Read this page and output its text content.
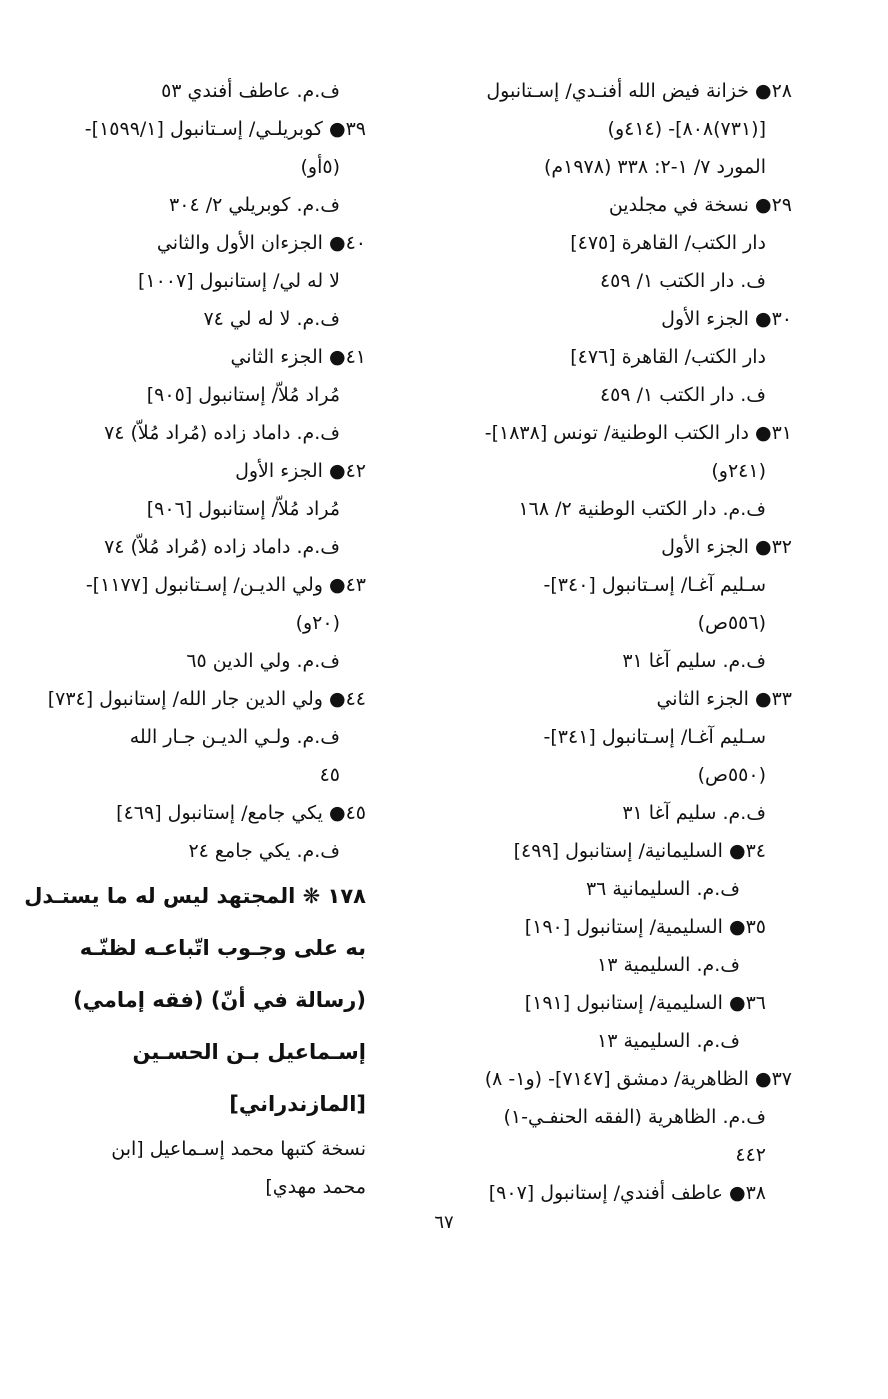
٢٨● خزانة فيض الله أفنـدي/ إسـتانبول
[(٧٣١)٨٠٨]- (٤١٤و)
المورد ٧/ ١-٢: ٣٣٨ (١٩٧٨م)
٢٩● نسخة في مجلدين
دار الكتب/ القاهرة [٤٧٥]
ف. دار الكتب ١/ ٤٥٩
٣٠● الجزء الأول
دار الكتب/ القاهرة [٤٧٦]
ف. دار الكتب ١/ ٤٥٩
٣١● دار الكتب الوطنية/ تونس [١٨٣٨]-
(٢٤١و)
ف.م. دار الكتب الوطنية ٢/ ١٦٨
٣٢● الجزء الأول
سـليم آغـا/ إسـتانبول [٣٤٠]-
(٥٥٦ص)
ف.م. سليم آغا ٣١
٣٣● الجزء الثاني
سـليم آغـا/ إسـتانبول [٣٤١]-
(٥٥٠ص)
ف.م. سليم آغا ٣١
٣٤● السليمانية/ إستانبول [٤٩٩]
ف.م. السليمانية ٣٦
٣٥● السليمية/ إستانبول [١٩٠]
ف.م. السليمية ١٣
٣٦● السليمية/ إستانبول [١٩١]
ف.م. السليمية ١٣
٣٧● الظاهرية/ دمشق [٧١٤٧]- (و١- ٨)
ف.م. الظاهرية (الفقه الحنفـي-١)
٤٤٢
٣٨● عاطف أفندي/ إستانبول [٩٠٧]
ف.م. عاطف أفندي ٥٣
٣٩● كوبريلـي/ إسـتانبول [١٥٩٩/١]-
(٥أو)
ف.م. كوبريلي ٢/ ٣٠٤
٤٠● الجزءان الأول والثاني
لا له لي/ إستانبول [١٠٠٧]
ف.م. لا له لي ٧٤
٤١● الجزء الثاني
مُراد مُلاّ/ إستانبول [٩٠٥]
ف.م. داماد زاده (مُراد مُلاّ) ٧٤
٤٢● الجزء الأول
مُراد مُلاّ/ إستانبول [٩٠٦]
ف.م. داماد زاده (مُراد مُلاّ) ٧٤
٤٣● ولي الديـن/ إسـتانبول [١١٧٧]-
(٢٠و)
ف.م. ولي الدين ٦٥
٤٤● ولي الدين جار الله/ إستانبول [٧٣٤]
ف.م. ولـي الديـن جـار الله
٤٥
٤٥● يكي جامع/ إستانبول [٤٦٩]
ف.م. يكي جامع ٢٤
١٧٨ ❋ المجتهد ليس له ما يستـدل
به على وجـوب اتّباعـه لظنّـه
(رسالة في أنّ) (فقه إمامي)
إسـماعيل بـن الحسـين
[المازندراني]
نسخة كتبها محمد إسـماعيل [ابن
محمد مهدي]
٦٧
